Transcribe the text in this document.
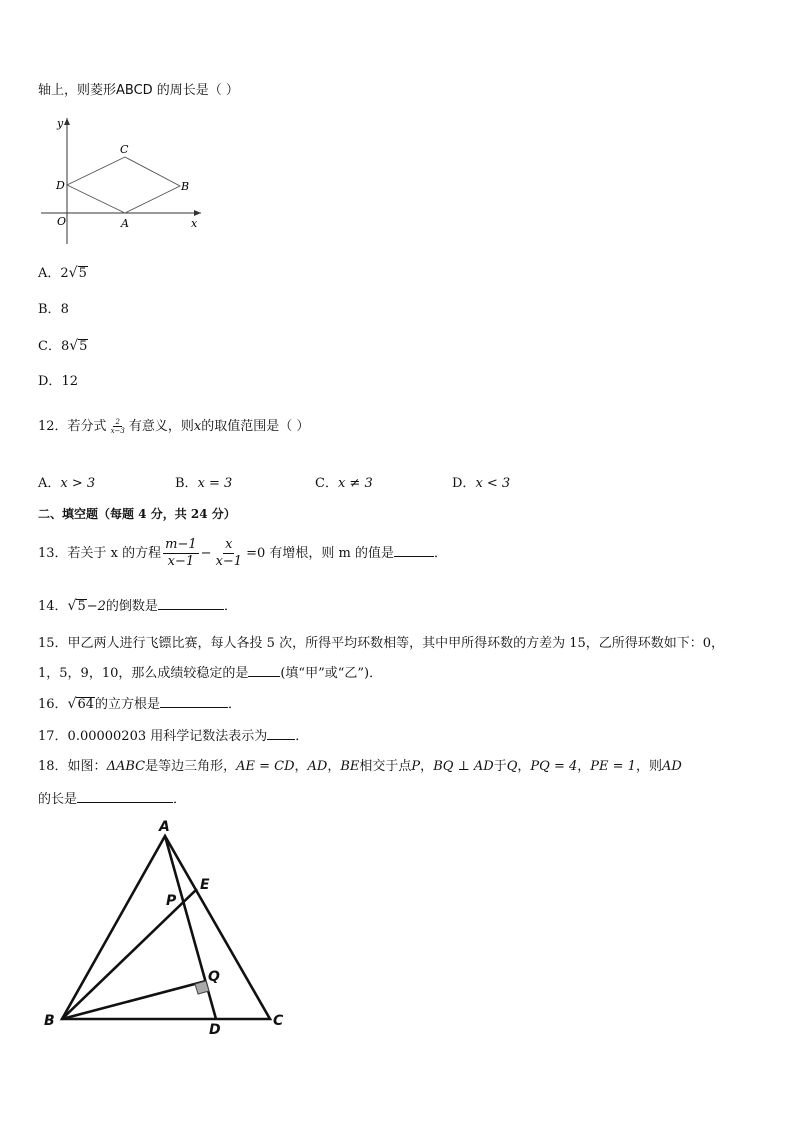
轴上，则菱形ABCD 的周长是（ ）
y
x
O	A
B
C
D
A．2√5
B．8
C．8√5
D．12
12．若分式 $\frac{2}{x-3}$ 有意义，则x的取值范围是（ ）
A．x > 3	B．x = 3	C．x ≠ 3	D．x < 3
二、填空题（每题 4 分，共 24 分）
13．若关于 x 的方程 $\frac{m-1}{x-1} - \frac{x}{x-1} =0$ 有增根，则 m 的值是	．
14．√5−2的倒数是	．
15．甲乙两人进行飞镖比赛，每人各投 5 次，所得平均环数相等，其中甲所得环数的方差为 15，乙所得环数如下：0，
1，5，9，10，那么成绩较稳定的是 (填“甲”或“乙”)．
16．√64的立方根是	．
17．0.00000203 用科学记数法表示为 ．
18．如图：ΔABC是等边三角形，AE = CD，AD，BE相交于点P，BQ ⊥ AD于Q，PQ = 4，PE = 1，则AD
的长是	．
A
B	C
D
E
P
Q
